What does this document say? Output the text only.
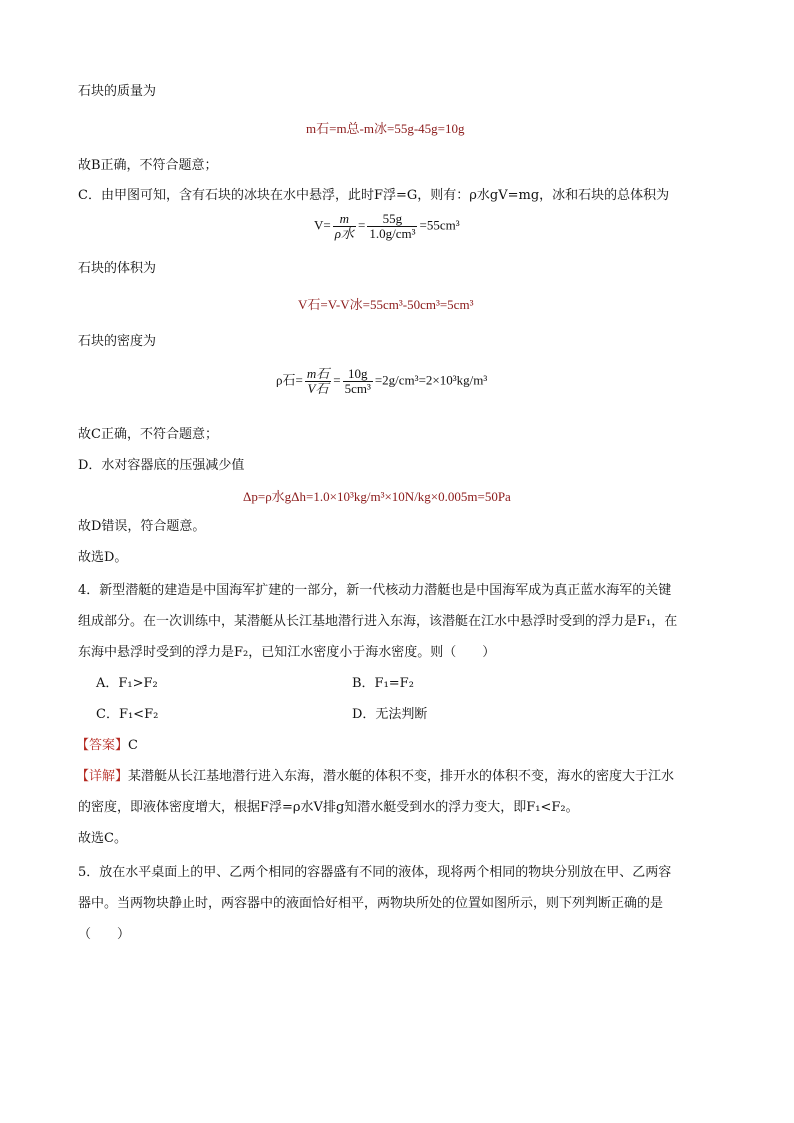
石块的质量为
m石=m总-m冰=55g-45g=10g
故B正确，不符合题意；
C．由甲图可知，含有石块的冰块在水中悬浮，此时F浮=G，则有：ρ水gV=mg，冰和石块的总体积为
$V= \frac{m}{\text{ρ水}} = \frac{55g}{\text{1.0g/cm³}} =55cm^3$
石块的体积为
V石=V-V冰=55cm³-50cm³=5cm³
石块的密度为
ρ石= $\frac{\text{m石}}{\text{V石}} = \frac{10g}{\text{5cm³}} =2g/cm^3=2\times 10^3kg/m^3$
故C正确，不符合题意；
D．水对容器底的压强减少值
Δp=ρ水gΔh=1.0×10³kg/m³×10N/kg×0.005m=50Pa
故D错误，符合题意。
故选D。
4．新型潜艇的建造是中国海军扩建的一部分，新一代核动力潜艇也是中国海军成为真正蓝水海军的关键
组成部分。在一次训练中，某潜艇从长江基地潜行进入东海，该潜艇在江水中悬浮时受到的浮力是F₁，在
东海中悬浮时受到的浮力是F₂，已知江水密度小于海水密度。则（　　）
A．F₁>F₂	B．F₁=F₂
C．F₁<F₂	D．无法判断
【答案】C
【详解】某潜艇从长江基地潜行进入东海，潜水艇的体积不变，排开水的体积不变，海水的密度大于江水
的密度，即液体密度增大，根据F浮=ρ水V排g知潜水艇受到水的浮力变大，即F₁<F₂。
故选C。
5．放在水平桌面上的甲、乙两个相同的容器盛有不同的液体，现将两个相同的物块分别放在甲、乙两容
器中。当两物块静止时，两容器中的液面恰好相平，两物块所处的位置如图所示，则下列判断正确的是
（　　）
